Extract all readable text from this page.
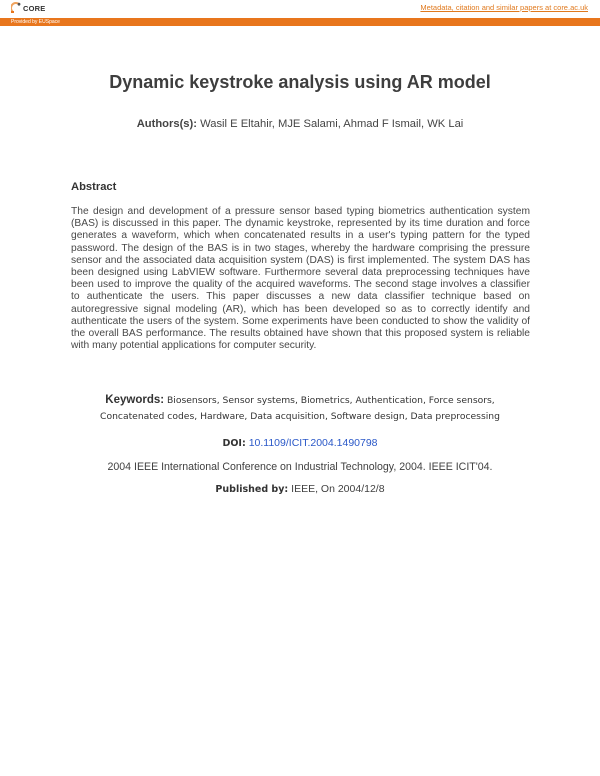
CORE	Metadata, citation and similar papers at core.ac.uk
Provided by EUSpace
Dynamic keystroke analysis using AR model
Authors(s): Wasil E Eltahir, MJE Salami, Ahmad F Ismail, WK Lai
Abstract

The design and development of a pressure sensor based typing biometrics authentication system (BAS) is discussed in this paper. The dynamic keystroke, represented by its time duration and force generates a waveform, which when concatenated results in a user's typing pattern for the typed password. The design of the BAS is in two stages, whereby the hardware comprising the pressure sensor and the associated data acquisition system (DAS) is first implemented. The system DAS has been designed using LabVIEW software. Furthermore several data preprocessing techniques have been used to improve the quality of the acquired waveforms. The second stage involves a classifier to authenticate the users. This paper discusses a new data classifier technique based on autoregressive signal modeling (AR), which has been developed so as to correctly identify and authenticate the users of the system. Some experiments have been conducted to show the validity of the overall BAS performance. The results obtained have shown that this proposed system is reliable with many potential applications for computer security.

Keywords: Biosensors, Sensor systems, Biometrics, Authentication, Force sensors, Concatenated codes, Hardware, Data acquisition, Software design, Data preprocessing
DOI: 10.1109/ICIT.2004.1490798
2004 IEEE International Conference on Industrial Technology, 2004. IEEE ICIT'04.
Published by: IEEE, On 2004/12/8
